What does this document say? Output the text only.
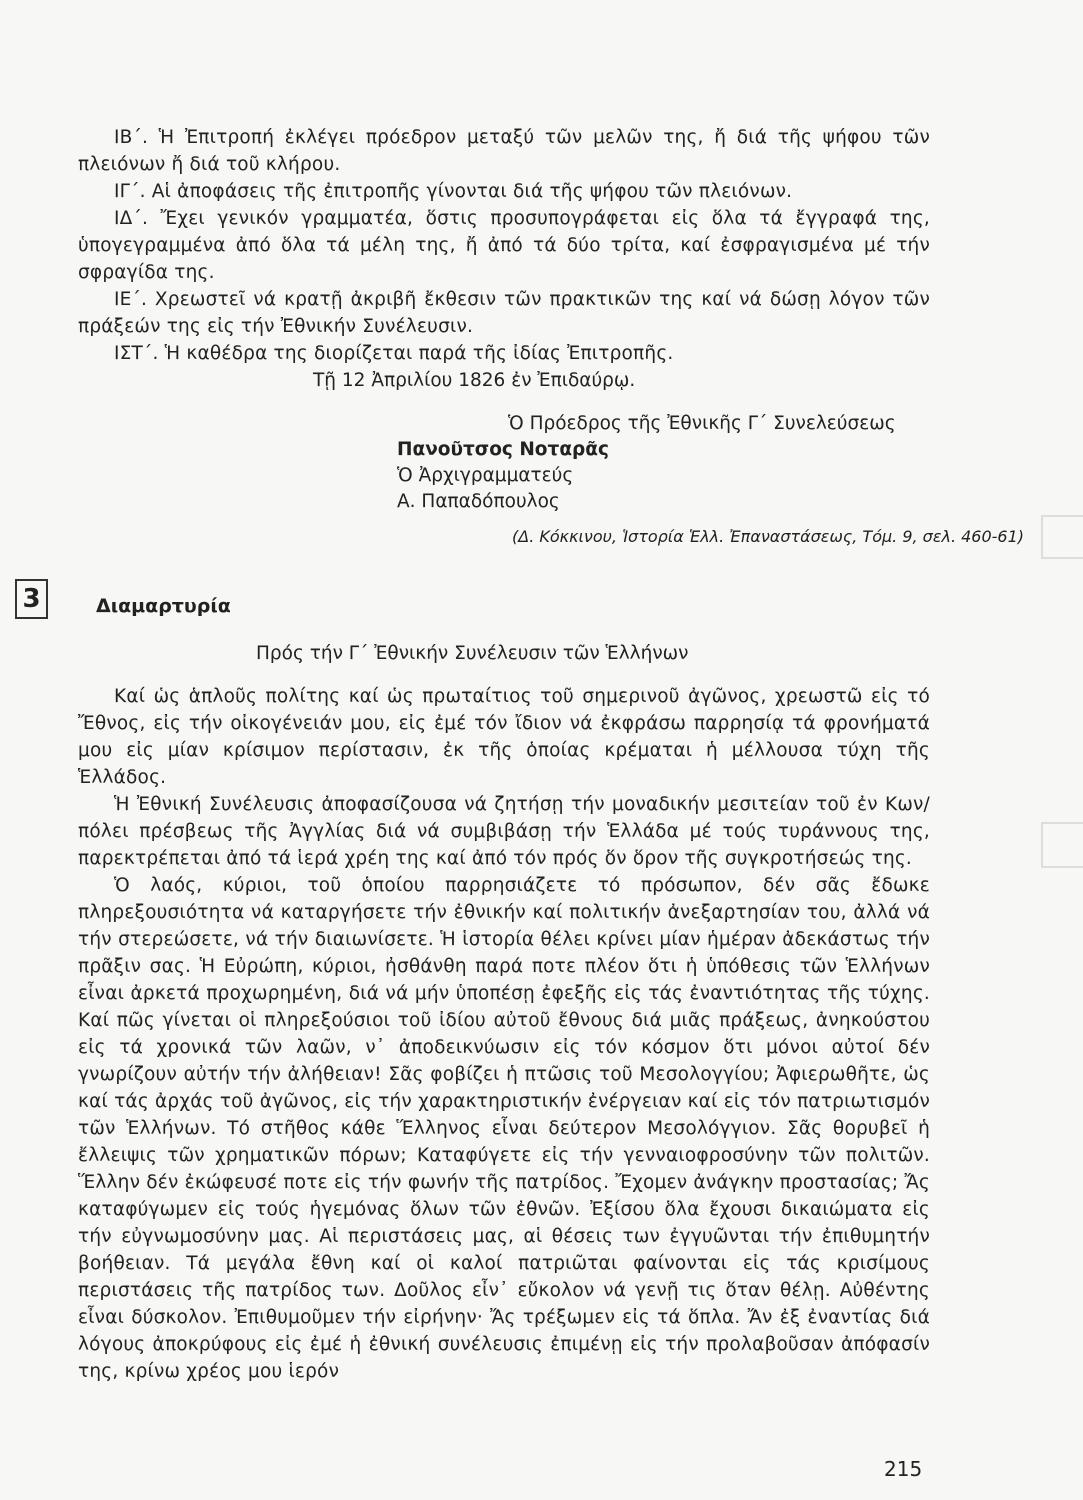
ΙΒ΄. Ἡ Ἐπιτροπή ἐκλέγει πρόεδρον μεταξύ τῶν μελῶν της, ἤ διά τῆς ψήφου τῶν πλειόνων ἤ διά τοῦ κλήρου.

ΙΓ΄. Αἱ ἀποφάσεις τῆς ἐπιτροπῆς γίνονται διά τῆς ψήφου τῶν πλειόνων.

ΙΔ΄. Ἔχει γενικόν γραμματέα, ὅστις προσυπογράφεται εἰς ὅλα τά ἔγγραφά της, ὑπογεγραμμένα ἀπό ὅλα τά μέλη της, ἤ ἀπό τά δύο τρίτα, καί ἐσφραγισμένα μέ τήν σφραγίδα της.

ΙΕ΄. Χρεωστεῖ νά κρατῇ ἀκριβῆ ἔκθεσιν τῶν πρακτικῶν της καί νά δώσῃ λόγον τῶν πράξεών της εἰς τήν Ἐθνικήν Συνέλευσιν.

ΙΣΤ΄. Ἡ καθέδρα της διορίζεται παρά τῆς ἰδίας Ἐπιτροπῆς.

Τῇ 12 Ἀπριλίου 1826 ἐν Ἐπιδαύρῳ.
Ὁ Πρόεδρος τῆς Ἐθνικῆς Γ΄ Συνελεύσεως
Πανοῦτσος Νοταρᾶς
Ὁ Ἀρχιγραμματεύς
Α. Παπαδόπουλος
(Δ. Κόκκινου, Ἱστορία Ἑλλ. Ἐπαναστάσεως, Τόμ. 9, σελ. 460-61)
3	Διαμαρτυρία
Πρός τήν Γ΄ Ἐθνικήν Συνέλευσιν τῶν Ἑλλήνων

Καί ὡς ἁπλοῦς πολίτης καί ὡς πρωταίτιος τοῦ σημερινοῦ ἀγῶνος, χρεωστῶ εἰς τό Ἔθνος, εἰς τήν οἰκογένειάν μου, εἰς ἐμέ τόν ἴδιον νά ἐκφράσω παρρησίᾳ τά φρονήματά μου εἰς μίαν κρίσιμον περίστασιν, ἐκ τῆς ὁποίας κρέμαται ἡ μέλλουσα τύχη τῆς Ἑλλάδος.

Ἡ Ἐθνική Συνέλευσις ἀποφασίζουσα νά ζητήσῃ τήν μοναδικήν μεσιτείαν τοῦ ἐν Κων/πόλει πρέσβεως τῆς Ἀγγλίας διά νά συμβιβάσῃ τήν Ἑλλάδα μέ τούς τυράννους της, παρεκτρέπεται ἀπό τά ἱερά χρέη της καί ἀπό τόν πρός ὅν ὅρον τῆς συγκροτήσεώς της.

Ὁ λαός, κύριοι, τοῦ ὁποίου παρρησιάζετε τό πρόσωπον, δέν σᾶς ἔδωκε πληρεξουσιότητα νά καταργήσετε τήν ἐθνικήν καί πολιτικήν ἀνεξαρτησίαν του, ἀλλά νά τήν στερεώσετε, νά τήν διαιωνίσετε. Ἡ ἱστορία θέλει κρίνει μίαν ἡμέραν ἀδεκάστως τήν πρᾶξιν σας. Ἡ Εὐρώπη, κύριοι, ἠσθάνθη παρά ποτε πλέον ὅτι ἡ ὑπόθεσις τῶν Ἑλλήνων εἶναι ἀρκετά προχωρημένη, διά νά μήν ὑποπέσῃ ἐφεξῆς εἰς τάς ἐναντιότητας τῆς τύχης. Καί πῶς γίνεται οἱ πληρεξούσιοι τοῦ ἰδίου αὐτοῦ ἔθνους διά μιᾶς πράξεως, ἀνηκούστου εἰς τά χρονικά τῶν λαῶν, ν᾽ ἀποδεικνύωσιν εἰς τόν κόσμον ὅτι μόνοι αὐτοί δέν γνωρίζουν αὐτήν τήν ἀλήθειαν! Σᾶς φοβίζει ἡ πτῶσις τοῦ Μεσολογγίου; Ἀφιερωθῆτε, ὡς καί τάς ἀρχάς τοῦ ἀγῶνος, εἰς τήν χαρακτηριστικήν ἐνέργειαν καί εἰς τόν πατριωτισμόν τῶν Ἑλλήνων. Τό στῆθος κάθε Ἕλληνος εἶναι δεύτερον Μεσολόγγιον. Σᾶς θορυβεῖ ἡ ἔλλειψις τῶν χρηματικῶν πόρων; Καταφύγετε εἰς τήν γενναιοφροσύνην τῶν πολιτῶν. Ἕλλην δέν ἐκώφευσέ ποτε εἰς τήν φωνήν τῆς πατρίδος. Ἔχομεν ἀνάγκην προστασίας; Ἄς καταφύγωμεν εἰς τούς ἡγεμόνας ὅλων τῶν ἐθνῶν. Ἐξίσου ὅλα ἔχουσι δικαιώματα εἰς τήν εὐγνωμοσύνην μας. Αἱ περιστάσεις μας, αἱ θέσεις των ἐγγυῶνται τήν ἐπιθυμητήν βοήθειαν. Τά μεγάλα ἔθνη καί οἱ καλοί πατριῶται φαίνονται εἰς τάς κρισίμους περιστάσεις τῆς πατρίδος των. Δοῦλος εἶν᾽ εὔκολον νά γενῇ τις ὅταν θέλῃ. Αὐθέντης εἶναι δύσκολον. Ἐπιθυμοῦμεν τήν εἰρήνην· Ἄς τρέξωμεν εἰς τά ὅπλα. Ἄν ἐξ ἐναντίας διά λόγους ἀποκρύφους εἰς ἐμέ ἡ ἐθνική συνέλευσις ἐπιμένῃ εἰς τήν προλαβοῦσαν ἀπόφασίν της, κρίνω χρέος μου ἱερόν

215
